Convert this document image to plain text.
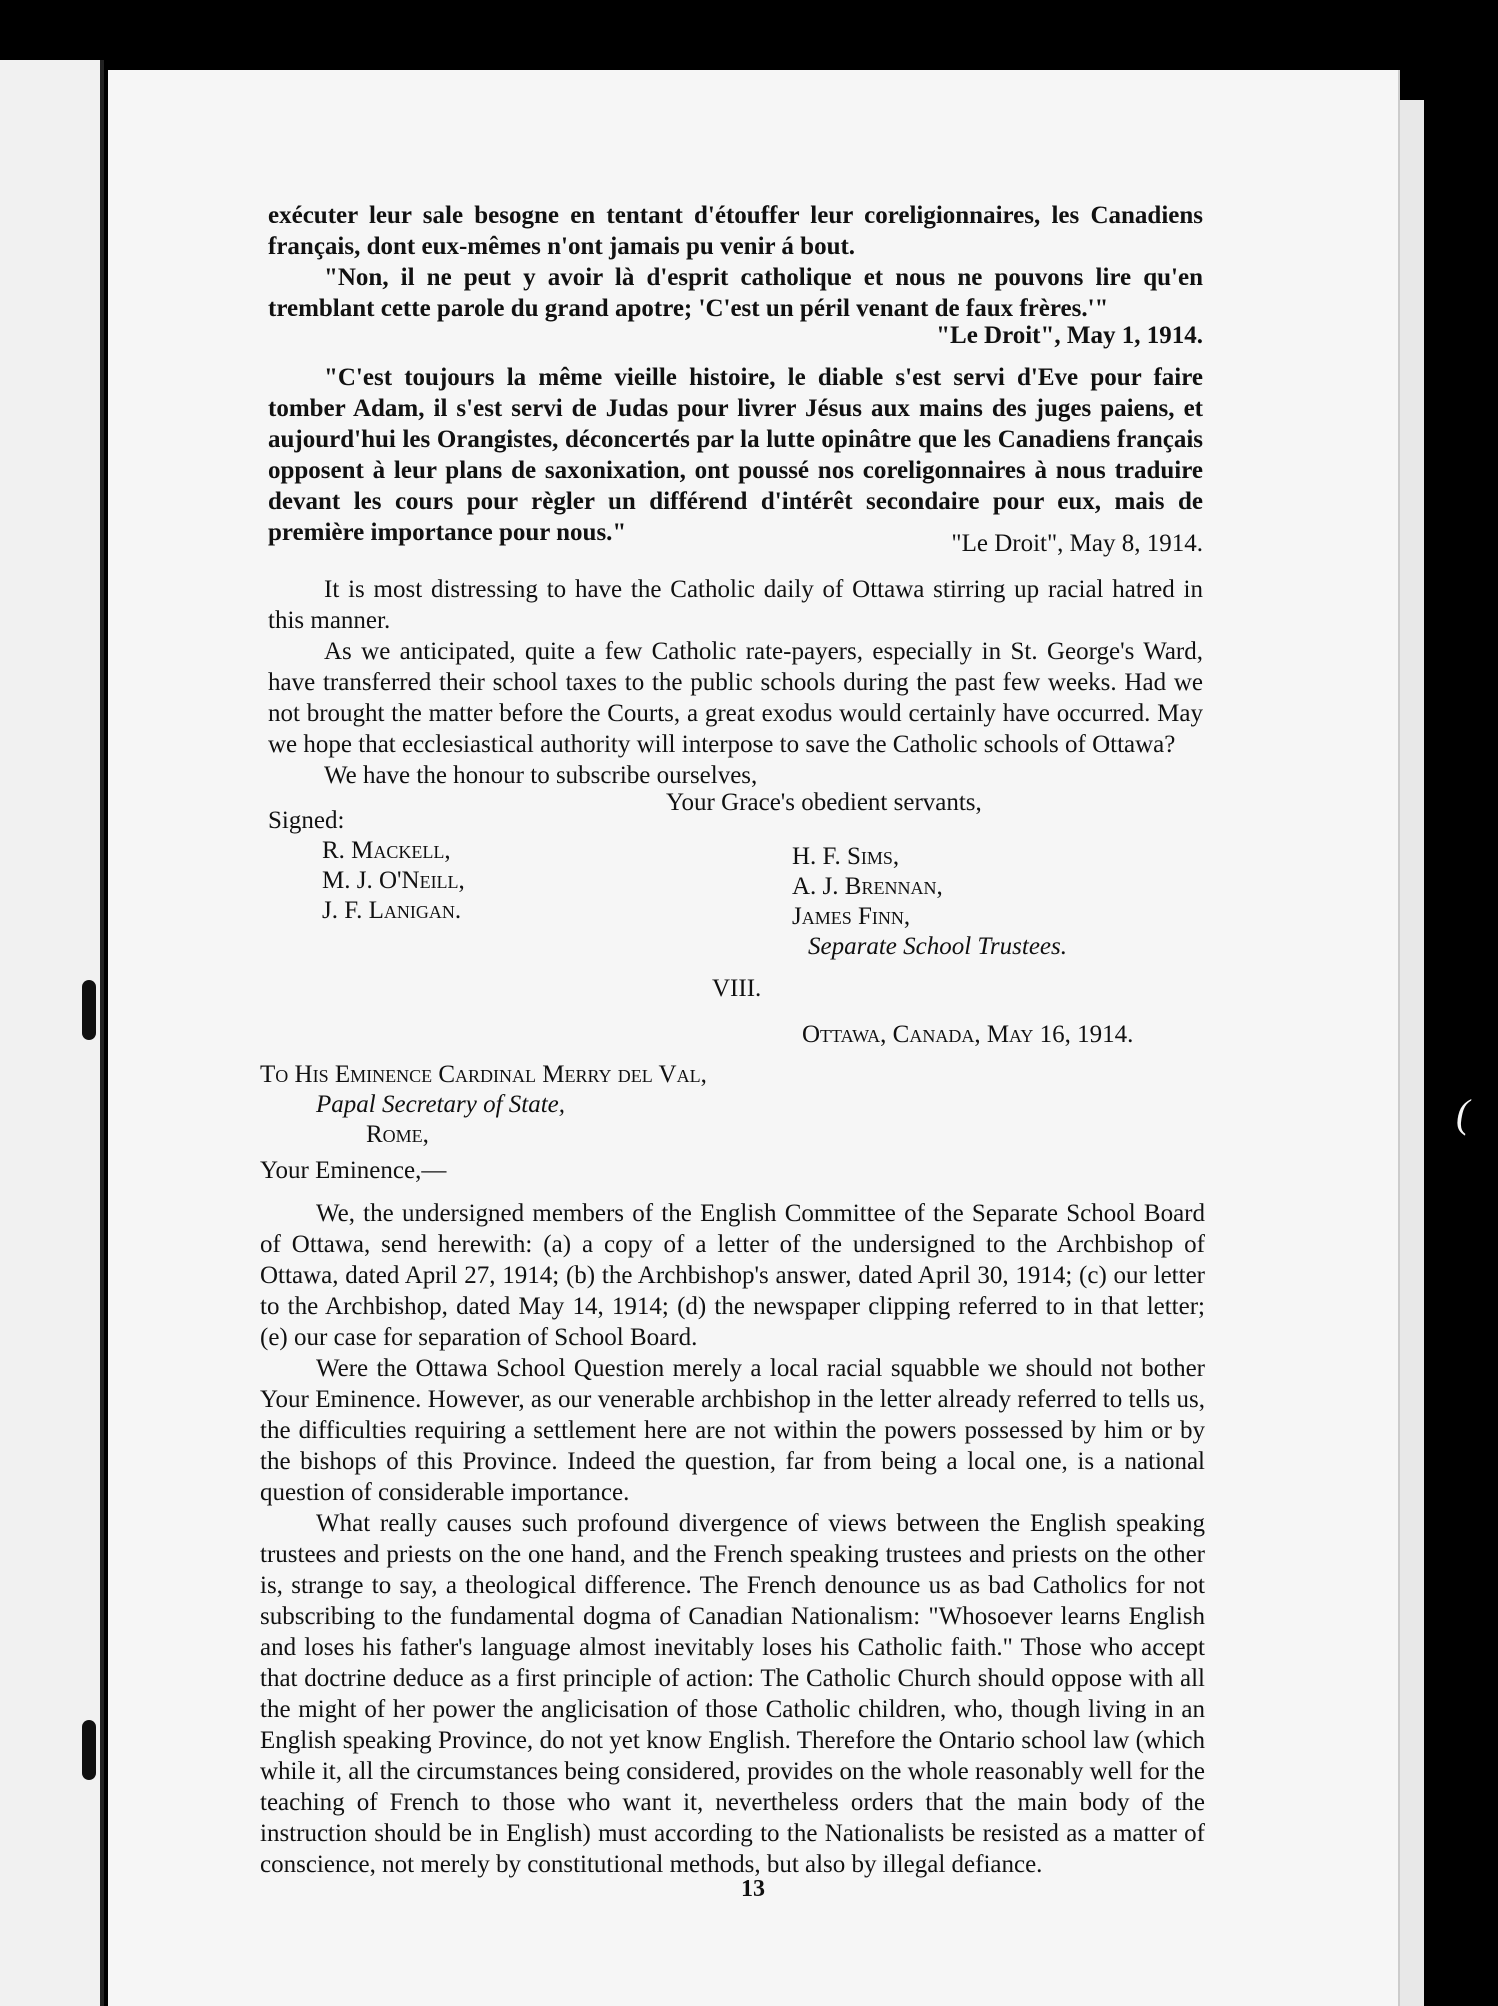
exécuter leur sale besogne en tentant d'étouffer leur coreligionnaires, les Canadiens français, dont eux-mêmes n'ont jamais pu venir á bout.

"Non, il ne peut y avoir là d'esprit catholique et nous ne pouvons lire qu'en tremblant cette parole du grand apotre; 'C'est un péril venant de faux frères.'"

"Le Droit", May 1, 1914.

"C'est toujours la même vieille histoire, le diable s'est servi d'Eve pour faire tomber Adam, il s'est servi de Judas pour livrer Jésus aux mains des juges paiens, et aujourd'hui les Orangistes, déconcertés par la lutte opinâtre que les Canadiens français opposent à leur plans de saxonixation, ont poussé nos coreligonnaires à nous traduire devant les cours pour règler un différend d'intérêt secondaire pour eux, mais de première importance pour nous."	"Le Droit", May 8, 1914.

It is most distressing to have the Catholic daily of Ottawa stirring up racial hatred in this manner.

As we anticipated, quite a few Catholic rate-payers, especially in St. George's Ward, have transferred their school taxes to the public schools during the past few weeks. Had we not brought the matter before the Courts, a great exodus would certainly have occurred. May we hope that ecclesiastical authority will interpose to save the Catholic schools of Ottawa?

We have the honour to subscribe ourselves,

Your Grace's obedient servants,
Signed:
R. Mackell,
M. J. O'Neill,
J. F. Lanigan.
H. F. Sims,
A. J. Brennan,
James Finn,
Separate School Trustees.
VIII.
Ottawa, Canada, May 16, 1914.
To His Eminence Cardinal Merry del Val,
Papal Secretary of State,
Rome,
Your Eminence,—

We, the undersigned members of the English Committee of the Separate School Board of Ottawa, send herewith: (a) a copy of a letter of the undersigned to the Archbishop of Ottawa, dated April 27, 1914; (b) the Archbishop's answer, dated April 30, 1914; (c) our letter to the Archbishop, dated May 14, 1914; (d) the newspaper clipping referred to in that letter; (e) our case for separation of School Board.

Were the Ottawa School Question merely a local racial squabble we should not bother Your Eminence. However, as our venerable archbishop in the letter already referred to tells us, the difficulties requiring a settlement here are not within the powers possessed by him or by the bishops of this Province. Indeed the question, far from being a local one, is a national question of considerable importance.

What really causes such profound divergence of views between the English speaking trustees and priests on the one hand, and the French speaking trustees and priests on the other is, strange to say, a theological difference. The French denounce us as bad Catholics for not subscribing to the fundamental dogma of Canadian Nationalism: "Whosoever learns English and loses his father's language almost inevitably loses his Catholic faith." Those who accept that doctrine deduce as a first principle of action: The Catholic Church should oppose with all the might of her power the anglicisation of those Catholic children, who, though living in an English speaking Province, do not yet know English. Therefore the Ontario school law (which while it, all the circumstances being considered, provides on the whole reasonably well for the teaching of French to those who want it, nevertheless orders that the main body of the instruction should be in English) must according to the Nationalists be resisted as a matter of conscience, not merely by constitutional methods, but also by illegal defiance.

13
(
